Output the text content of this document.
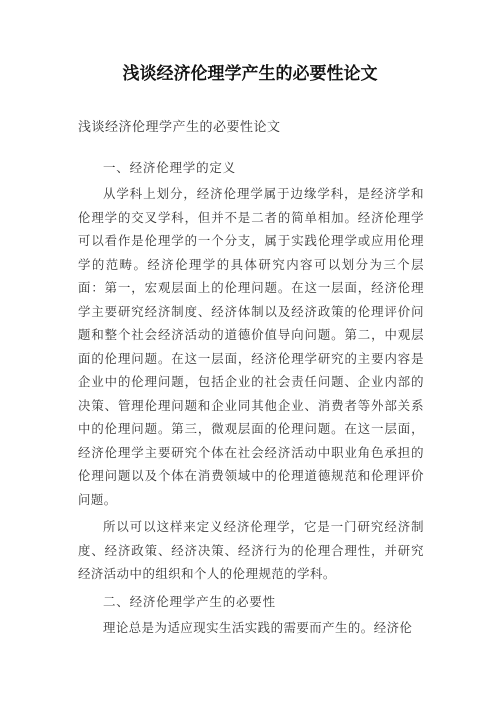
浅谈经济伦理学产生的必要性论文

浅谈经济伦理学产生的必要性论文

一、经济伦理学的定义

从学科上划分，经济伦理学属于边缘学科，是经济学和伦理学的交叉学科，但并不是二者的简单相加。经济伦理学可以看作是伦理学的一个分支，属于实践伦理学或应用伦理学的范畴。经济伦理学的具体研究内容可以划分为三个层面：第一，宏观层面上的伦理问题。在这一层面，经济伦理学主要研究经济制度、经济体制以及经济政策的伦理评价问题和整个社会经济活动的道德价值导向问题。第二，中观层面的伦理问题。在这一层面，经济伦理学研究的主要内容是企业中的伦理问题，包括企业的社会责任问题、企业内部的决策、管理伦理问题和企业同其他企业、消费者等外部关系中的伦理问题。第三，微观层面的伦理问题。在这一层面，经济伦理学主要研究个体在社会经济活动中职业角色承担的伦理问题以及个体在消费领域中的伦理道德规范和伦理评价问题。

所以可以这样来定义经济伦理学，它是一门研究经济制度、经济政策、经济决策、经济行为的伦理合理性，并研究经济活动中的组织和个人的伦理规范的学科。

二、经济伦理学产生的必要性

理论总是为适应现实生活实践的需要而产生的。经济伦
